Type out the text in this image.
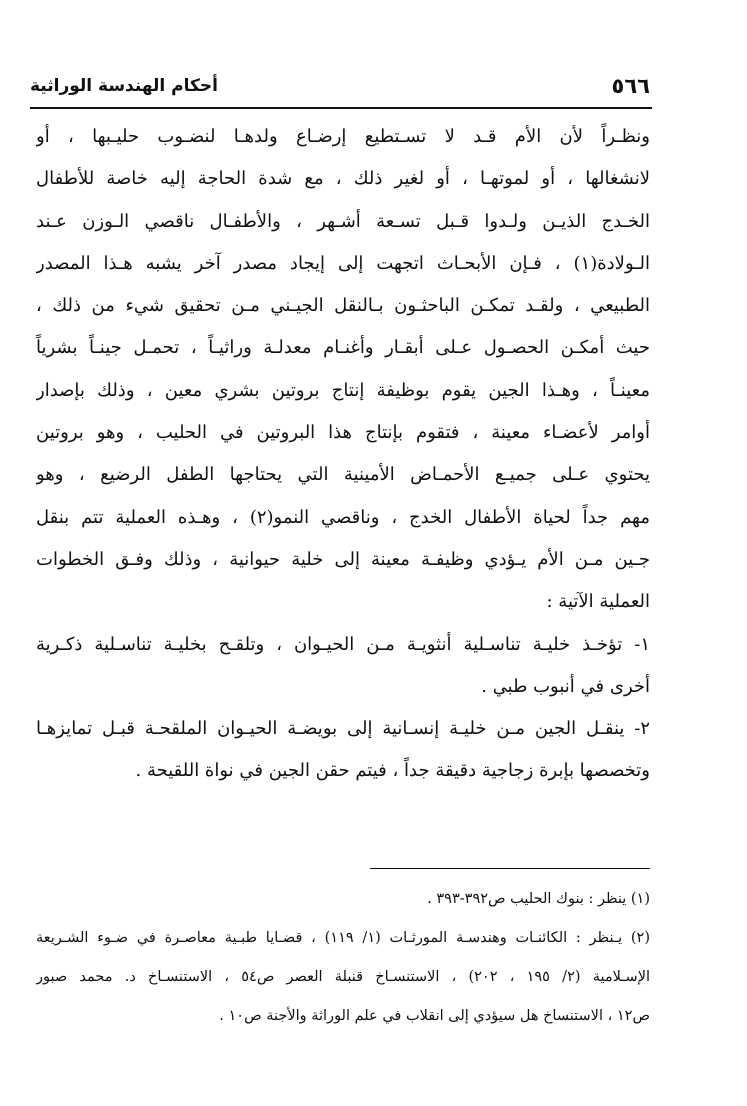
٥٦٦
أحكام الهندسة الوراثية
ونظـراً لأن الأم قـد لا تسـتطيع إرضـاع ولدهـا لنضـوب حليـبها ، أو
لانشغالها ، أو لموتهـا ، أو لغير ذلك ، مع شدة الحاجة إليه خاصة للأطفال
الخـدج الذيـن ولـدوا قـبل تسـعة أشـهر ، والأطفـال ناقصي الـوزن عـند
الـولادة(١) ، فـإن الأبحـاث اتجهت إلى إيجاد مصدر آخر يشبه هـذا المصدر
الطبيعي ، ولقـد تمكـن الباحثـون بـالنقل الجيـني مـن تحقيق شيء من ذلك ،
حيث أمكـن الحصـول عـلى أبقـار وأغنـام معدلـة وراثيـاً ، تحمـل جينـاً بشرياً
معينـاً ، وهـذا الجين يقوم بوظيفة إنتاج بروتين بشري معين ، وذلك بإصدار
أوامر لأعضـاء معينة ، فتقوم بإنتاج هذا البروتين في الحليب ، وهو بروتين
يحتوي عـلى جميـع الأحمـاض الأمينية التي يحتاجها الطفل الرضيع ، وهو
مهم جداً لحياة الأطفال الخدج ، وناقصي النمو(٢) ، وهـذه العملية تتم بنقل
جـين مـن الأم يـؤدي وظيفـة معينة إلى خلية حيوانية ، وذلك وفـق الخطوات
العملية الآتية :
١- تؤخـذ خليـة تناسـلية أنثويـة مـن الحيـوان ، وتلقـح بخليـة تناسـلية ذكـرية
أخرى في أنبوب طبي .
٢- ينقـل الجين مـن خليـة إنسـانية إلى بويضـة الحيـوان الملقحـة قبـل تمايزهـا
وتخصصها بإبرة زجاجية دقيقة جداً ، فيتم حقن الجين في نواة اللقيحة .
(١) ينظر : بنوك الحليب ص٣٩٢-٣٩٣ .
(٢) يـنظر : الكائنـات وهندسـة المورثـات (١/ ١١٩) ، قضـايا طبـية معاصـرة في ضـوء الشـريعة
الإسـلامية (٢/ ١٩٥ ، ٢٠٢) ، الاستنسـاخ قنبلة العصر ص٥٤ ، الاستنسـاخ د. محمد صبور
ص١٢ ، الاستنساخ هل سيؤدي إلى انقلاب في علم الوراثة والأجنة ص١٠ .
